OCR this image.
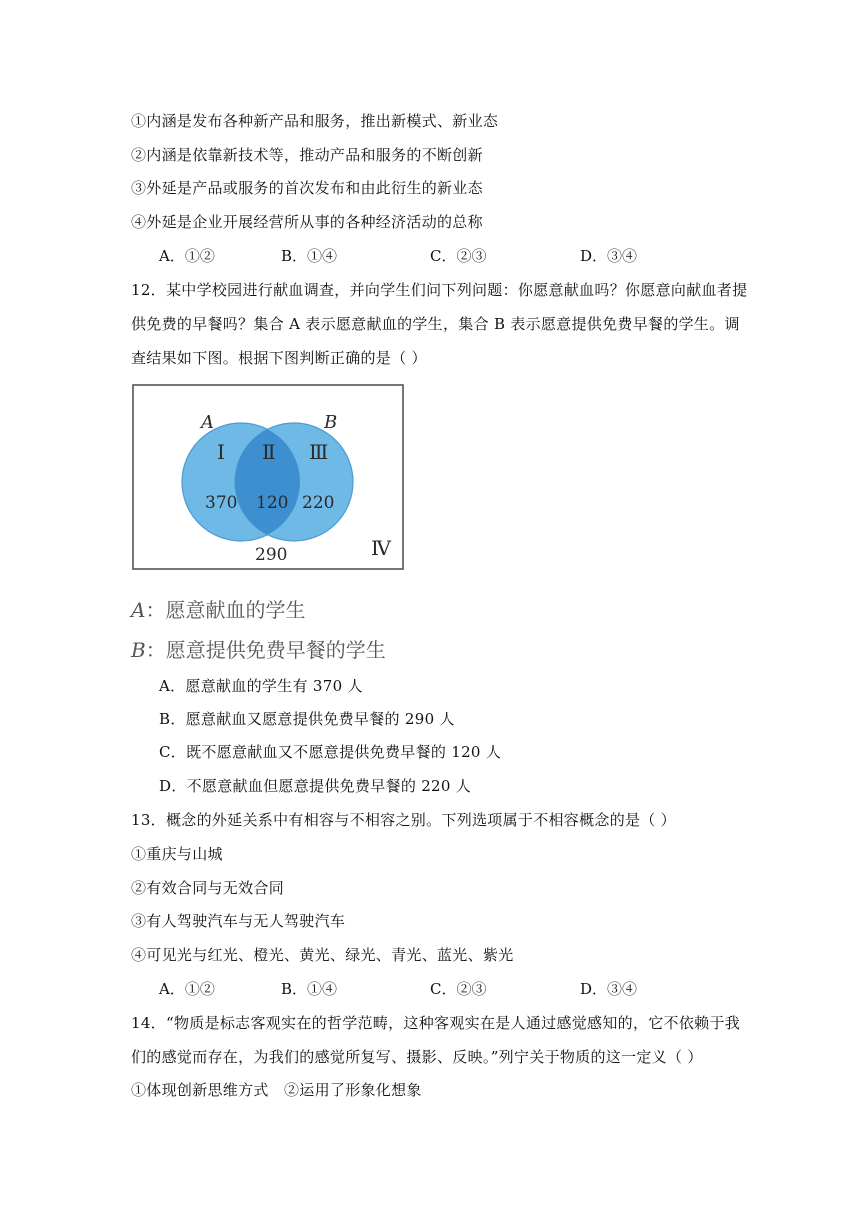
①内涵是发布各种新产品和服务，推出新模式、新业态
②内涵是依靠新技术等，推动产品和服务的不断创新
③外延是产品或服务的首次发布和由此衍生的新业态
④外延是企业开展经营所从事的各种经济活动的总称
A．①②	B．①④	C．②③	D．③④
12．某中学校园进行献血调查，并向学生们问下列问题：你愿意献血吗？你愿意向献血者提
供免费的早餐吗？集合 A 表示愿意献血的学生，集合 B 表示愿意提供免费早餐的学生。调
查结果如下图。根据下图判断正确的是（ ）
A	B
Ⅰ Ⅱ Ⅲ
Ⅳ
370 120 220
290
A：愿意献血的学生
B：愿意提供免费早餐的学生
A．愿意献血的学生有 370 人
B．愿意献血又愿意提供免费早餐的 290 人
C．既不愿意献血又不愿意提供免费早餐的 120 人
D．不愿意献血但愿意提供免费早餐的 220 人
13．概念的外延关系中有相容与不相容之别。下列选项属于不相容概念的是（ ）
①重庆与山城
②有效合同与无效合同
③有人驾驶汽车与无人驾驶汽车
④可见光与红光、橙光、黄光、绿光、青光、蓝光、紫光
A．①②	B．①④	C．②③	D．③④
14．“物质是标志客观实在的哲学范畴，这种客观实在是人通过感觉感知的，它不依赖于我
们的感觉而存在，为我们的感觉所复写、摄影、反映。”列宁关于物质的这一定义（ ）
①体现创新思维方式　②运用了形象化想象
